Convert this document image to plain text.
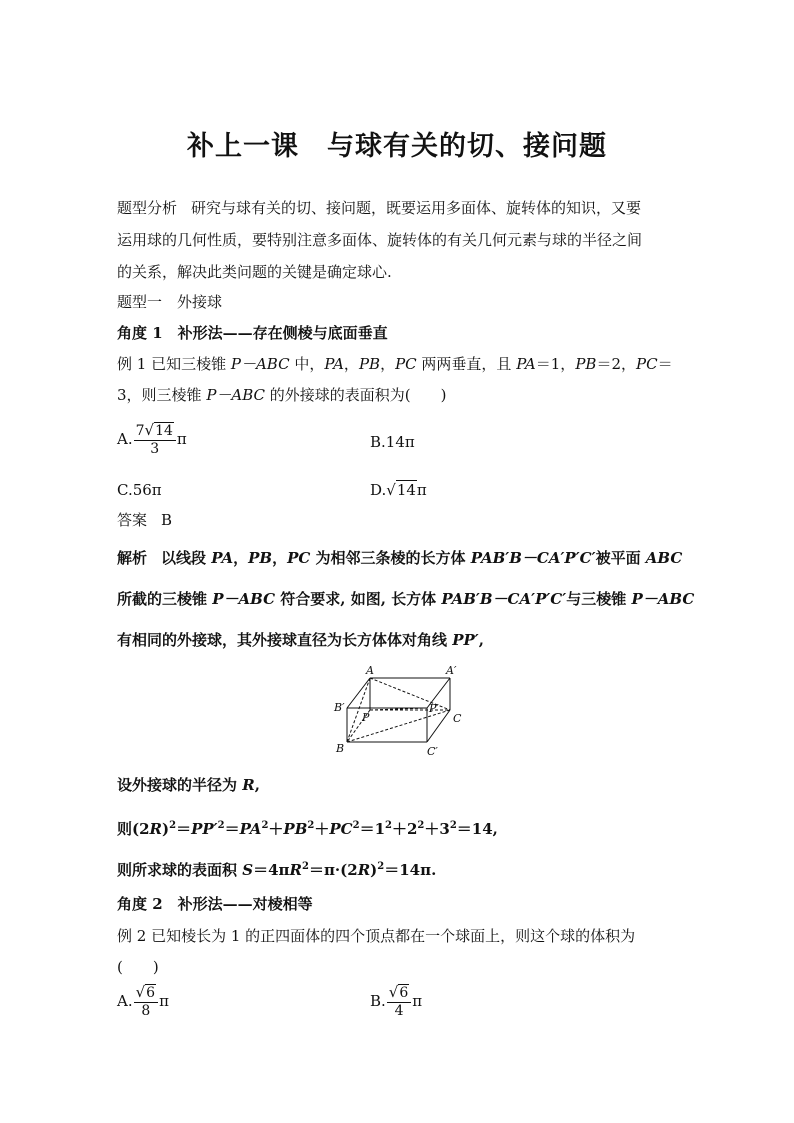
补上一课　与球有关的切、接问题
题型分析 研究与球有关的切、接问题，既要运用多面体、旋转体的知识，又要
运用球的几何性质，要特别注意多面体、旋转体的有关几何元素与球的半径之间
的关系，解决此类问题的关键是确定球心.
题型一　外接球
角度 1　补形法——存在侧棱与底面垂直
例 1 已知三棱锥 P－ABC 中，PA，PB，PC 两两垂直，且 PA＝1，PB＝2，PC＝
3，则三棱锥 P－ABC 的外接球的表面积为(　　)
A. $\frac{7√14}{3}$ π	B.14π
C.56π	D.√14π
答案 B
解析 以线段 PA，PB，PC 为相邻三条棱的长方体 PAB′B－CA′P′C′被平面 ABC
所截的三棱锥 P－ABC 符合要求, 如图, 长方体 PAB′B－CA′P′C′与三棱锥 P－ABC
有相同的外接球，其外接球直径为长方体体对角线 PP′,
A	A′
B′
P
P′
C
B	C′
设外接球的半径为 R,
则$(2R)^2=PP'^2=PA^2+PB^2+PC^2=1^2+2^2+3^2=14$,
则所求球的表面积 $S=4\pi R^2=\pi\cdot(2R)^2=14\pi$.
角度 2　补形法——对棱相等
例 2 已知棱长为 1 的正四面体的四个顶点都在一个球面上，则这个球的体积为
(　　)
A. $\frac{√6}{8}$ π	B. $\frac{√6}{4}$ π
